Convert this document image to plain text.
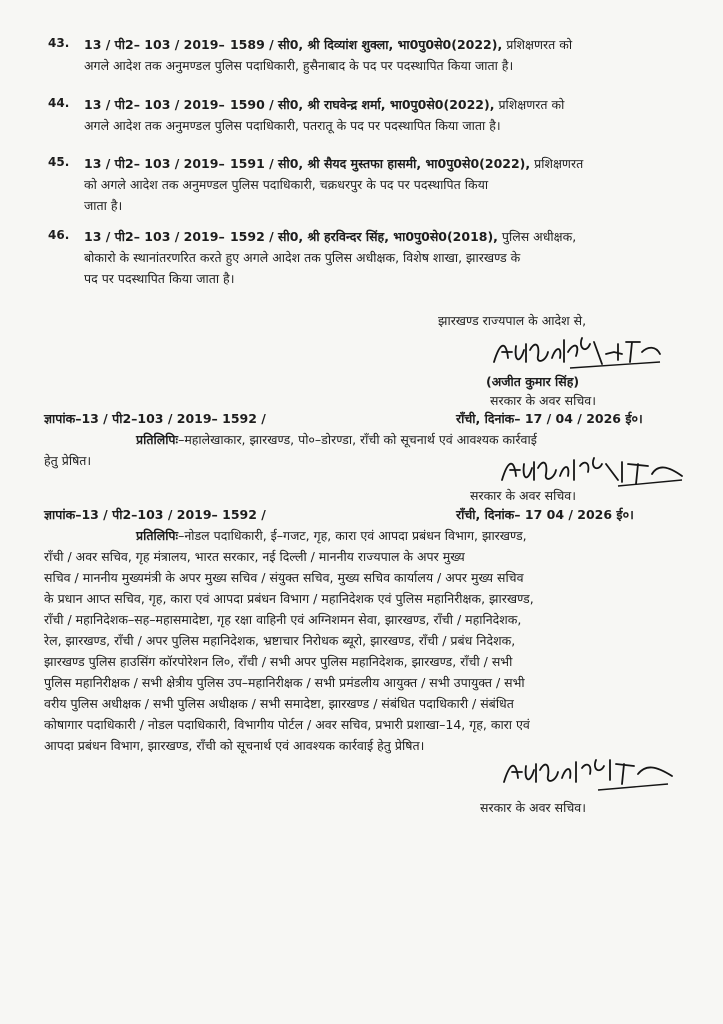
43. 13 / पी2– 103 / 2019– 1589 / सी0, श्री दिव्यांश शुक्ला, भा0पु0से0(2022), प्रशिक्षणरत को
अगले आदेश तक अनुमण्डल पुलिस पदाधिकारी, हुसैनाबाद के पद पर पदस्थापित किया जाता है।
44. 13 / पी2– 103 / 2019– 1590 / सी0, श्री राघवेन्द्र शर्मा, भा0पु0से0(2022), प्रशिक्षणरत को
अगले आदेश तक अनुमण्डल पुलिस पदाधिकारी, पतरातू के पद पर पदस्थापित किया जाता है।
45. 13 / पी2– 103 / 2019– 1591 / सी0, श्री सैयद मुस्तफा हासमी, भा0पु0से0(2022), प्रशिक्षणरत
को अगले आदेश तक अनुमण्डल पुलिस पदाधिकारी, चक्रधरपुर के पद पर पदस्थापित किया
जाता है।
46. 13 / पी2– 103 / 2019– 1592 / सी0, श्री हरविन्दर सिंह, भा0पु0से0(2018), पुलिस अधीक्षक,
बोकारो के स्थानांतरणरित करते हुए अगले आदेश तक पुलिस अधीक्षक, विशेष शाखा, झारखण्ड के
पद पर पदस्थापित किया जाता है।
झारखण्ड राज्यपाल के आदेश से,
(अजीत कुमार सिंह)
सरकार के अवर सचिव।
ज्ञापांक–13 / पी2–103 / 2019– 1592 /	राँची, दिनांक– 17 / 04 / 2026 ई०।
प्रतिलिपिः–महालेखाकार, झारखण्ड, पो०–डोरण्डा, राँची को सूचनार्थ एवं आवश्यक कार्रवाई
हेतु प्रेषित।
सरकार के अवर सचिव।
ज्ञापांक–13 / पी2–103 / 2019– 1592 /	राँची, दिनांक– 17 04 / 2026 ई०।
प्रतिलिपिः–नोडल पदाधिकारी, ई–गजट, गृह, कारा एवं आपदा प्रबंधन विभाग, झारखण्ड,
राँची / अवर सचिव, गृह मंत्रालय, भारत सरकार, नई दिल्ली / माननीय राज्यपाल के अपर मुख्य
सचिव / माननीय मुख्यमंत्री के अपर मुख्य सचिव / संयुक्त सचिव, मुख्य सचिव कार्यालय / अपर मुख्य सचिव
के प्रधान आप्त सचिव, गृह, कारा एवं आपदा प्रबंधन विभाग / महानिदेशक एवं पुलिस महानिरीक्षक, झारखण्ड,
राँची / महानिदेशक–सह–महासमादेष्टा, गृह रक्षा वाहिनी एवं अग्निशमन सेवा, झारखण्ड, राँची / महानिदेशक,
रेल, झारखण्ड, राँची / अपर पुलिस महानिदेशक, भ्रष्टाचार निरोधक ब्यूरो, झारखण्ड, राँची / प्रबंध निदेशक,
झारखण्ड पुलिस हाउसिंग कॉरपोरेशन लि०, राँची / सभी अपर पुलिस महानिदेशक, झारखण्ड, राँची / सभी
पुलिस महानिरीक्षक / सभी क्षेत्रीय पुलिस उप–महानिरीक्षक / सभी प्रमंडलीय आयुक्त / सभी उपायुक्त / सभी
वरीय पुलिस अधीक्षक / सभी पुलिस अधीक्षक / सभी समादेष्टा, झारखण्ड / संबंधित पदाधिकारी / संबंधित
कोषागार पदाधिकारी / नोडल पदाधिकारी, विभागीय पोर्टल / अवर सचिव, प्रभारी प्रशाखा–14, गृह, कारा एवं
आपदा प्रबंधन विभाग, झारखण्ड, राँची को सूचनार्थ एवं आवश्यक कार्रवाई हेतु प्रेषित।
सरकार के अवर सचिव।
